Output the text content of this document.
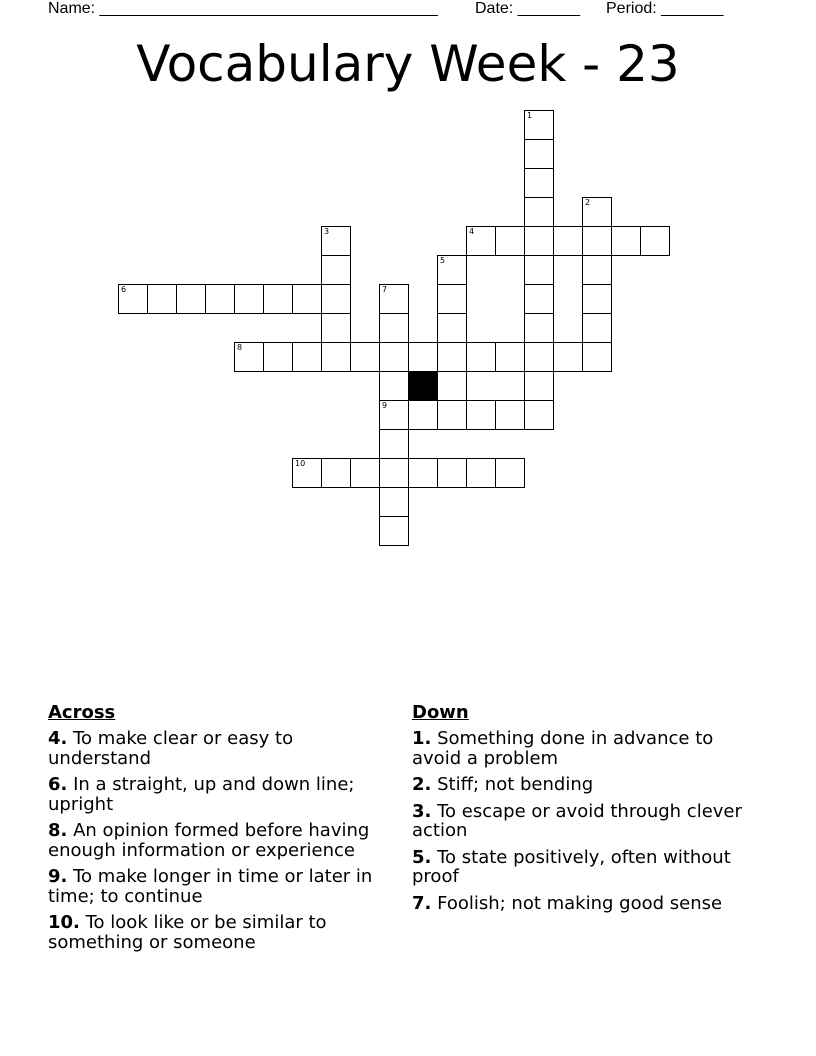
Name: ______________________________________ Date: _______ Period: _______
Vocabulary Week - 23
1
2
3	4
5
6	7
9
8
10
Across
4. To make clear or easy to understand
6. In a straight, up and down line; upright
8. An opinion formed before having enough information or experience
9. To make longer in time or later in time; to continue
10. To look like or be similar to something or someone
Down
1. Something done in advance to avoid a problem
2. Stiff; not bending
3. To escape or avoid through clever action
5. To state positively, often without proof
7. Foolish; not making good sense
